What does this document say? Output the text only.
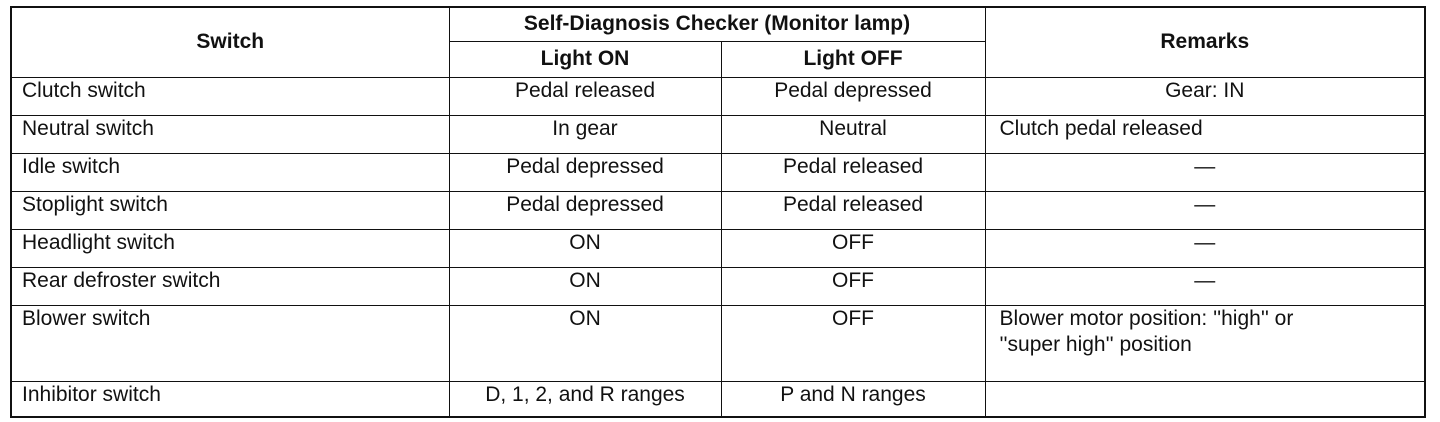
Switch	Self-Diagnosis Checker (Monitor lamp)		Remarks
	Light ON	Light OFF	
Clutch switch	Pedal released	Pedal depressed	Gear: IN
Neutral switch	In gear	Neutral	Clutch pedal released
Idle switch	Pedal depressed	Pedal released	—
Stoplight switch	Pedal depressed	Pedal released	—
Headlight switch	ON	OFF	—
Rear defroster switch	ON	OFF	—
Blower switch	ON	OFF	Blower motor position: ''high'' or
''super high'' position

Inhibitor switch	D, 1, 2, and R ranges	P and N ranges	
